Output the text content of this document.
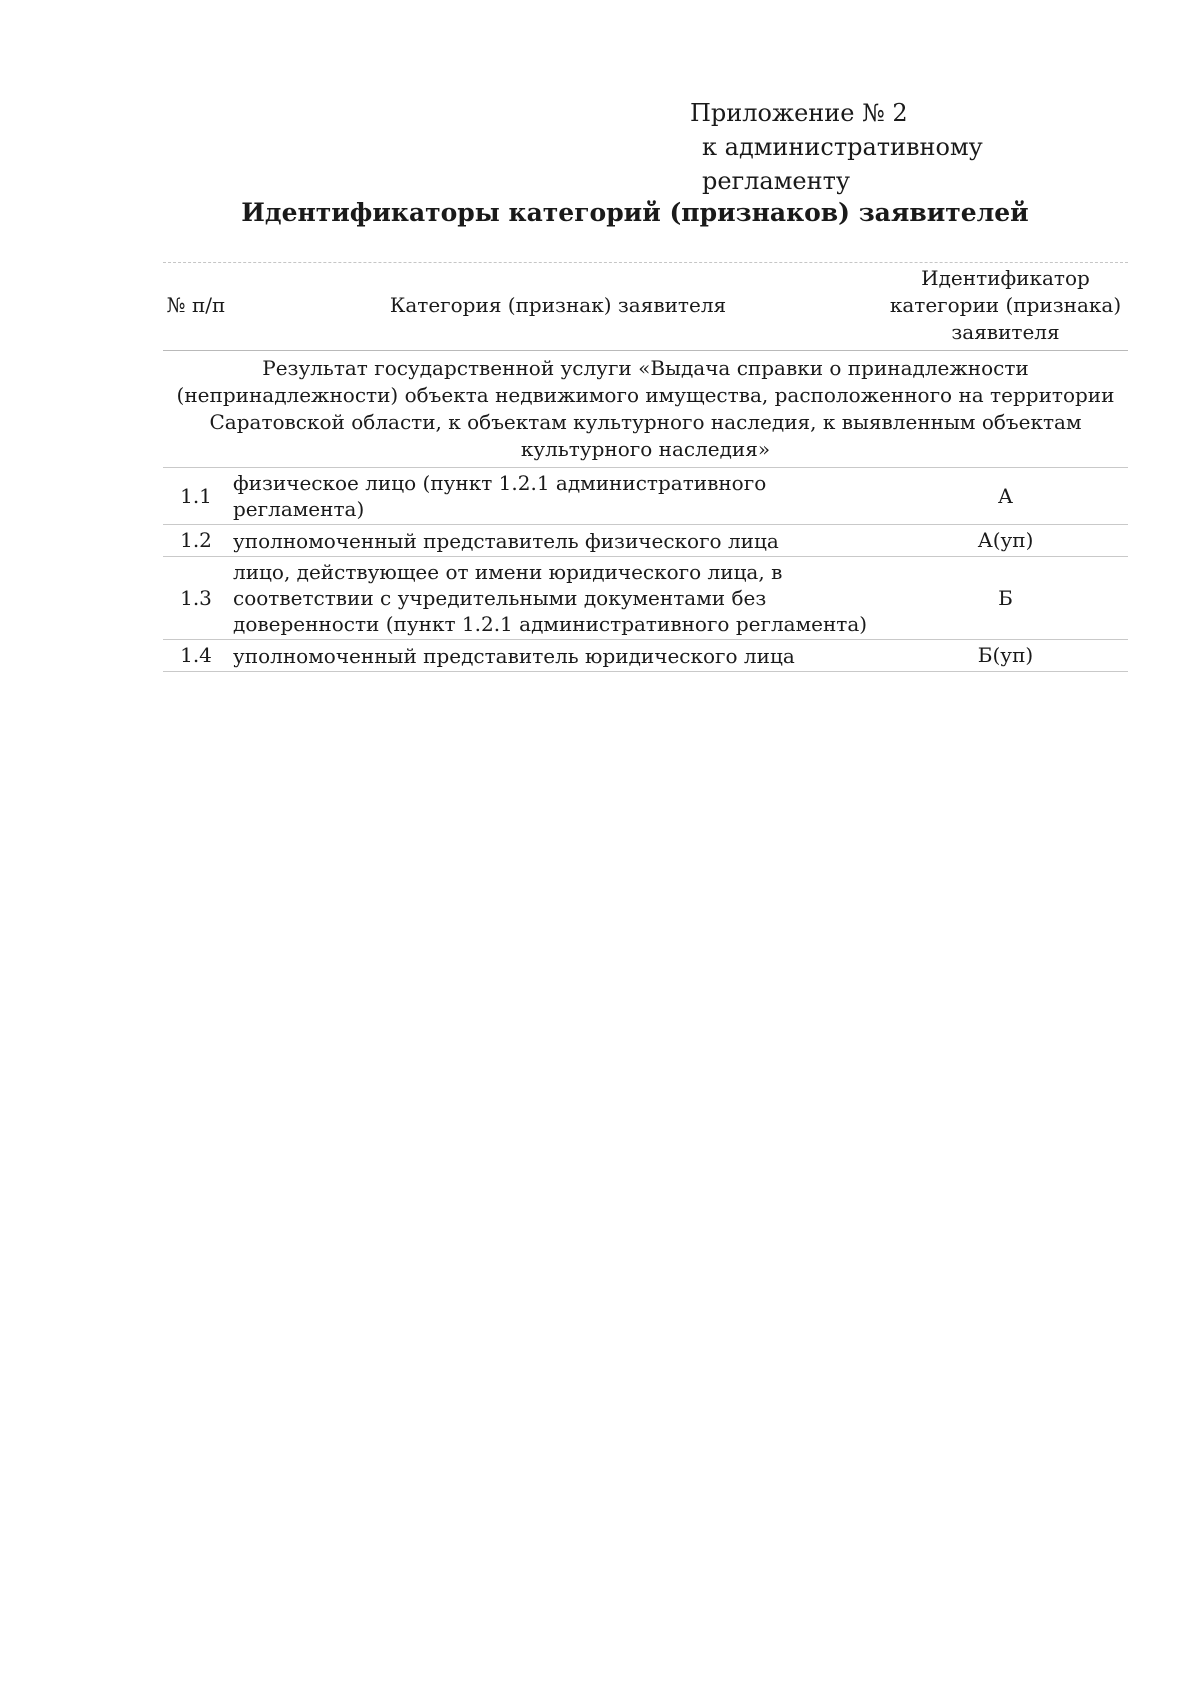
Приложение № 2
к административному регламенту
Идентификаторы категорий (признаков) заявителей
№ п/п	Категория (признак) заявителя	Идентификатор категории (признака) заявителя
Результат государственной услуги «Выдача справки о принадлежности (непринадлежности) объекта недвижимого имущества, расположенного на территории Саратовской области, к объектам культурного наследия, к выявленным объектам культурного наследия»		
1.1	физическое лицо (пункт 1.2.1 административного регламента)	А
1.2	уполномоченный представитель физического лица	А(уп)
1.3	лицо, действующее от имени юридического лица, в соответствии с учредительными документами без доверенности (пункт 1.2.1 административного регламента)	Б
1.4	уполномоченный представитель юридического лица	Б(уп)
